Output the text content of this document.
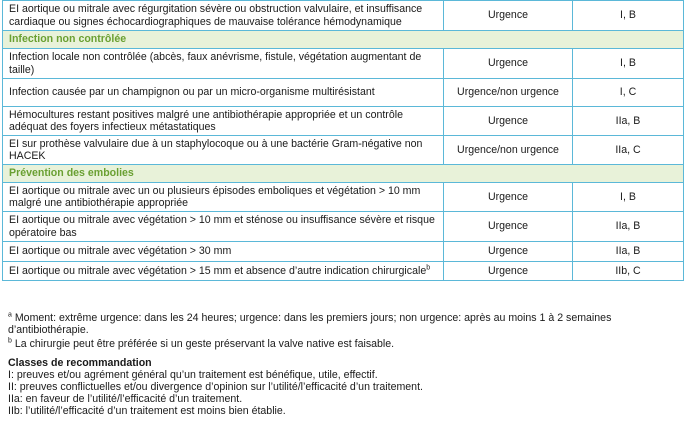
EI aortique ou mitrale avec régurgitation sévère ou obstruction valvulaire, et insuffisance cardiaque ou signes échocardiographiques de mauvaise tolérance hémodynamique	Urgence	I, B
Infection non contrôlée		
Infection locale non contrôlée (abcès, faux anévrisme, fistule, végétation augmentant de taille)	Urgence	I, B
Infection causée par un champignon ou par un micro-organisme multirésistant	Urgence/non urgence	I, C
Hémocultures restant positives malgré une antibiothérapie appropriée et un contrôle adéquat des foyers infectieux métastatiques	Urgence	IIa, B
EI sur prothèse valvulaire due à un staphylocoque ou à une bactérie Gram-négative non HACEK	Urgence/non urgence	IIa, C
Prévention des embolies		
EI aortique ou mitrale avec un ou plusieurs épisodes emboliques et végétation > 10 mm malgré une antibiothérapie appropriée	Urgence	I, B
EI aortique ou mitrale avec végétation > 10 mm et sténose ou insuffisance sévère et risque opératoire bas	Urgence	IIa, B
EI aortique ou mitrale avec végétation > 30 mm	Urgence	IIa, B
EI aortique ou mitrale avec végétation > 15 mm et absence d’autre indication chirurgicale$^b$	Urgence	IIb, C

$^a$ Moment: extrême urgence: dans les 24 heures; urgence: dans les premiers jours; non urgence: après au moins 1 à 2 semaines d’antibiothérapie.

$^b$ La chirurgie peut être préférée si un geste préservant la valve native est faisable.

Classes de recommandation

I: preuves et/ou agrément général qu’un traitement est bénéfique, utile, effectif.

II: preuves conflictuelles et/ou divergence d’opinion sur l’utilité/l’efficacité d’un traitement.

IIa: en faveur de l’utilité/l’efficacité d’un traitement.

IIb: l’utilité/l’efficacité d’un traitement est moins bien établie.
